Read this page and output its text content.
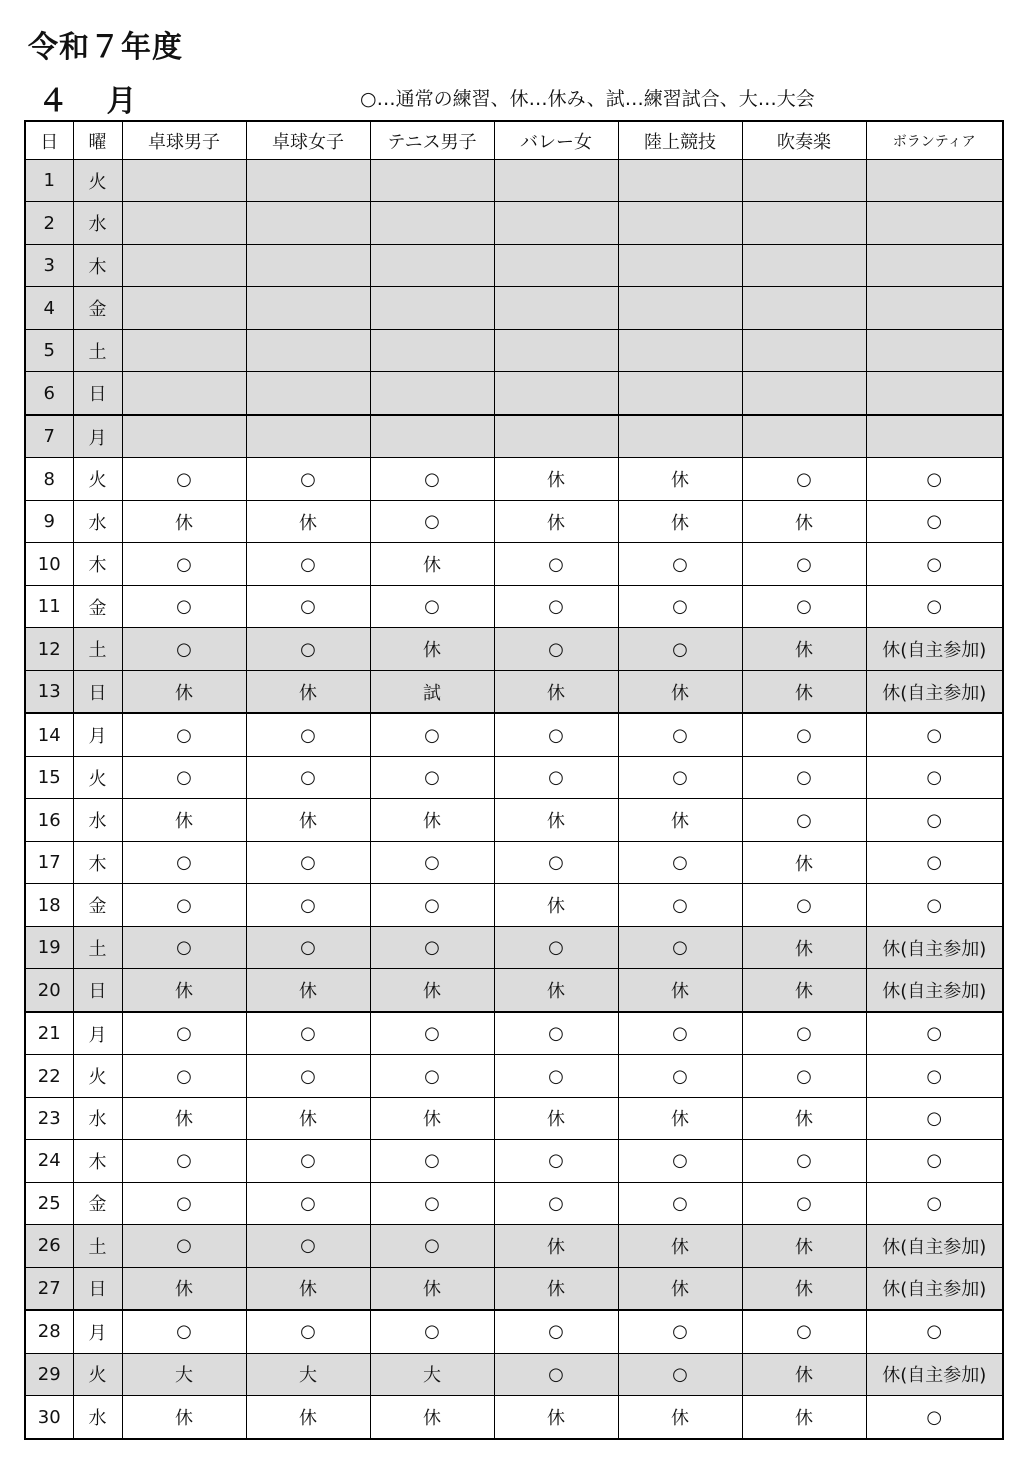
令和７年度
４ 月	○…通常の練習、休…休み、試…練習試合、大…大会
日	曜	卓球男子	卓球女子	テニス男子	バレー女	陸上競技	吹奏楽	ボランティア
1	火							
2	水							
3	木							
4	金							
5	土							
6	日							
7	月							
8	火	○	○	○	休	休	○	○
9	水	休	休	○	休	休	休	○
10	木	○	○	休	○	○	○	○
11	金	○	○	○	○	○	○	○
12	土	○	○	休	○	○	休	休(自主参加)
13	日	休	休	試	休	休	休	休(自主参加)
14	月	○	○	○	○	○	○	○
15	火	○	○	○	○	○	○	○
16	水	休	休	休	休	休	○	○
17	木	○	○	○	○	○	休	○
18	金	○	○	○	休	○	○	○
19	土	○	○	○	○	○	休	休(自主参加)
20	日	休	休	休	休	休	休	休(自主参加)
21	月	○	○	○	○	○	○	○
22	火	○	○	○	○	○	○	○
23	水	休	休	休	休	休	休	○
24	木	○	○	○	○	○	○	○
25	金	○	○	○	○	○	○	○
26	土	○	○	○	休	休	休	休(自主参加)
27	日	休	休	休	休	休	休	休(自主参加)
28	月	○	○	○	○	○	○	○
29	火	大	大	大	○	○	休	休(自主参加)
30	水	休	休	休	休	休	休	○
